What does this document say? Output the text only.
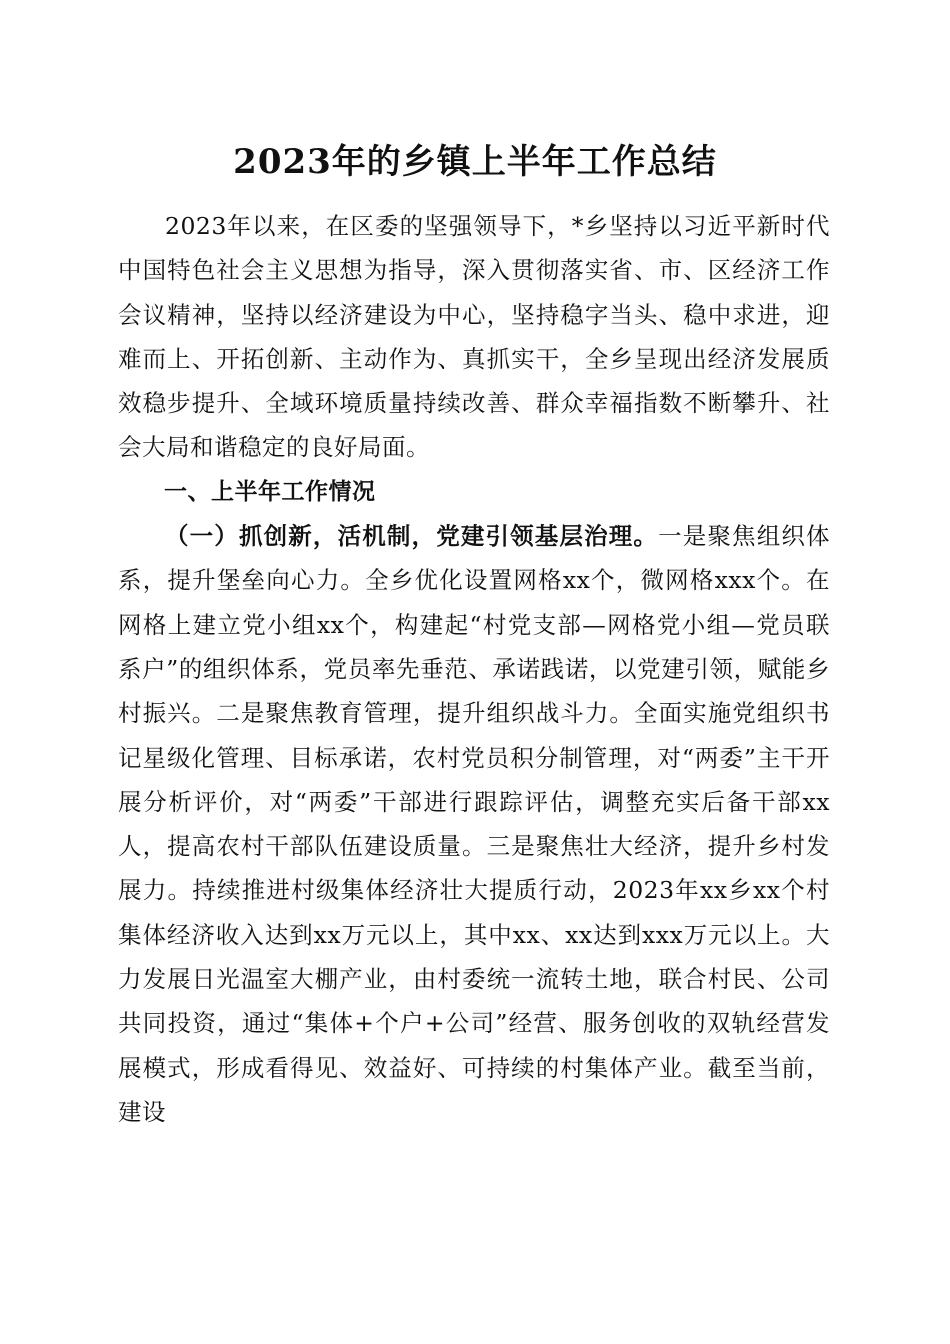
2023年的乡镇上半年工作总结

2023年以来，在区委的坚强领导下，*乡坚持以习近平新时代中国特色社会主义思想为指导，深入贯彻落实省、市、区经济工作会议精神，坚持以经济建设为中心，坚持稳字当头、稳中求进，迎难而上、开拓创新、主动作为、真抓实干，全乡呈现出经济发展质效稳步提升、全域环境质量持续改善、群众幸福指数不断攀升、社会大局和谐稳定的良好局面。

一、上半年工作情况

（一）抓创新，活机制，党建引领基层治理。一是聚焦组织体系，提升堡垒向心力。全乡优化设置网格xx个，微网格xxx个。在网格上建立党小组xx个，构建起“村党支部—网格党小组—党员联系户”的组织体系，党员率先垂范、承诺践诺，以党建引领，赋能乡村振兴。二是聚焦教育管理，提升组织战斗力。全面实施党组织书记星级化管理、目标承诺，农村党员积分制管理，对“两委”主干开展分析评价，对“两委”干部进行跟踪评估，调整充实后备干部xx人，提高农村干部队伍建设质量。三是聚焦壮大经济，提升乡村发展力。持续推进村级集体经济壮大提质行动，2023年xx乡xx个村集体经济收入达到xx万元以上，其中xx、xx达到xxx万元以上。大力发展日光温室大棚产业，由村委统一流转土地，联合村民、公司共同投资，通过“集体+个户+公司”经营、服务创收的双轨经营发展模式，形成看得见、效益好、可持续的村集体产业。截至当前，建设
